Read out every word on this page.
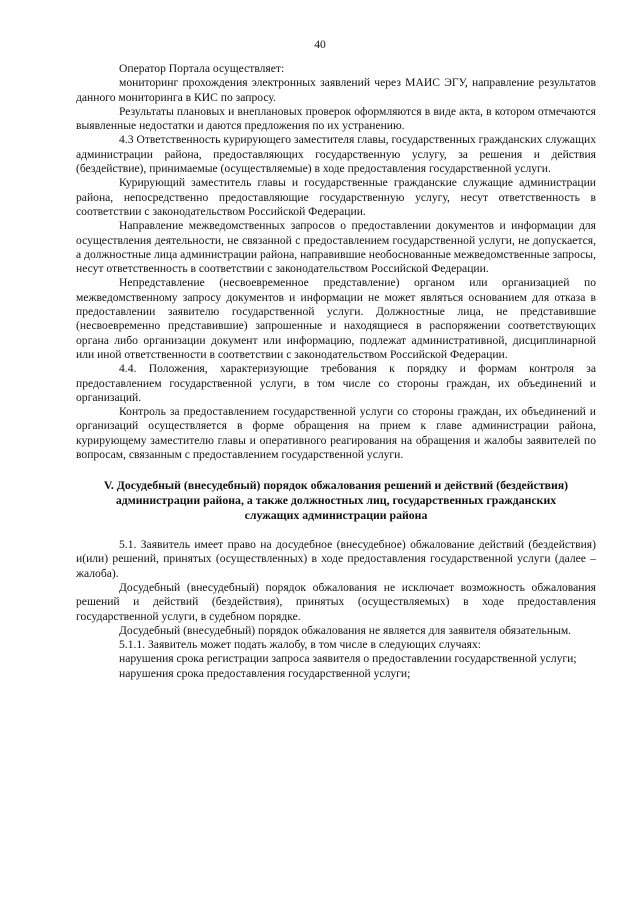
40

Оператор Портала осуществляет:

мониторинг прохождения электронных заявлений через МАИС ЭГУ, направление результатов данного мониторинга в КИС по запросу.

Результаты плановых и внеплановых проверок оформляются в виде акта, в котором отмечаются выявленные недостатки и даются предложения по их устранению.

4.3 Ответственность курирующего заместителя главы, государственных гражданских служащих администрации района, предоставляющих государственную услугу, за решения и действия (бездействие), принимаемые (осуществляемые) в ходе предоставления государственной услуги.

Курирующий заместитель главы и государственные гражданские служащие администрации района, непосредственно предоставляющие государственную услугу, несут ответственность в соответствии с законодательством Российской Федерации.

Направление межведомственных запросов о предоставлении документов и информации для осуществления деятельности, не связанной с предоставлением государственной услуги, не допускается, а должностные лица администрации района, направившие необоснованные межведомственные запросы, несут ответственность в соответствии с законодательством Российской Федерации.

Непредставление (несвоевременное представление) органом или организацией по межведомственному запросу документов и информации не может являться основанием для отказа в предоставлении заявителю государственной услуги. Должностные лица, не представившие (несвоевременно представившие) запрошенные и находящиеся в распоряжении соответствующих органа либо организации документ или информацию, подлежат административной, дисциплинарной или иной ответственности в соответствии с законодательством Российской Федерации.

4.4. Положения, характеризующие требования к порядку и формам контроля за предоставлением государственной услуги, в том числе со стороны граждан, их объединений и организаций.

Контроль за предоставлением государственной услуги со стороны граждан, их объединений и организаций осуществляется в форме обращения на прием к главе администрации района, курирующему заместителю главы и оперативного реагирования на обращения и жалобы заявителей по вопросам, связанным с предоставлением государственной услуги.

V. Досудебный (внесудебный) порядок обжалования решений и действий (бездействия)
администрации района, а также должностных лиц, государственных гражданских
служащих администрации района

5.1. Заявитель имеет право на досудебное (внесудебное) обжалование действий (бездействия) и(или) решений, принятых (осуществленных) в ходе предоставления государственной услуги (далее – жалоба).

Досудебный (внесудебный) порядок обжалования не исключает возможность обжалования решений и действий (бездействия), принятых (осуществляемых) в ходе предоставления государственной услуги, в судебном порядке.

Досудебный (внесудебный) порядок обжалования не является для заявителя обязательным.

5.1.1. Заявитель может подать жалобу, в том числе в следующих случаях:

нарушения срока регистрации запроса заявителя о предоставлении государственной услуги;

нарушения срока предоставления государственной услуги;
